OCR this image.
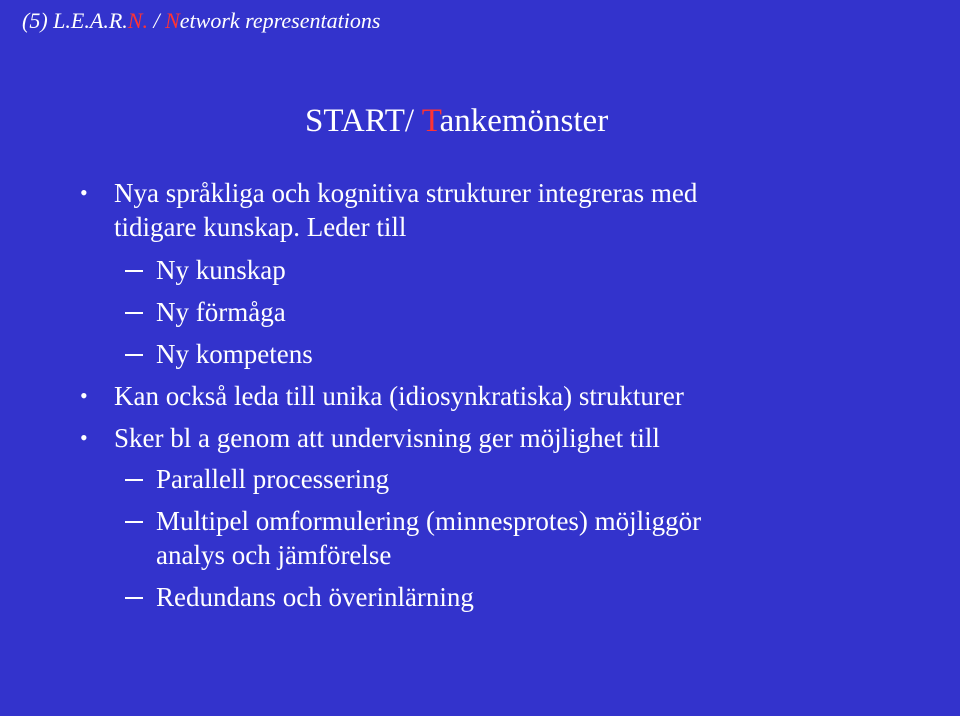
(5) L.E.A.R.N. / Network representations
START/ Tankemönster
• Nya språkliga och kognitiva strukturer integreras med
tidigare kunskap. Leder till
Ny kunskap
Ny förmåga
Ny kompetens
• Kan också leda till unika (idiosynkratiska) strukturer
• Sker bl a genom att undervisning ger möjlighet till
Parallell processering
Multipel omformulering (minnesprotes) möjliggör
analys och jämförelse
Redundans och överinlärning
